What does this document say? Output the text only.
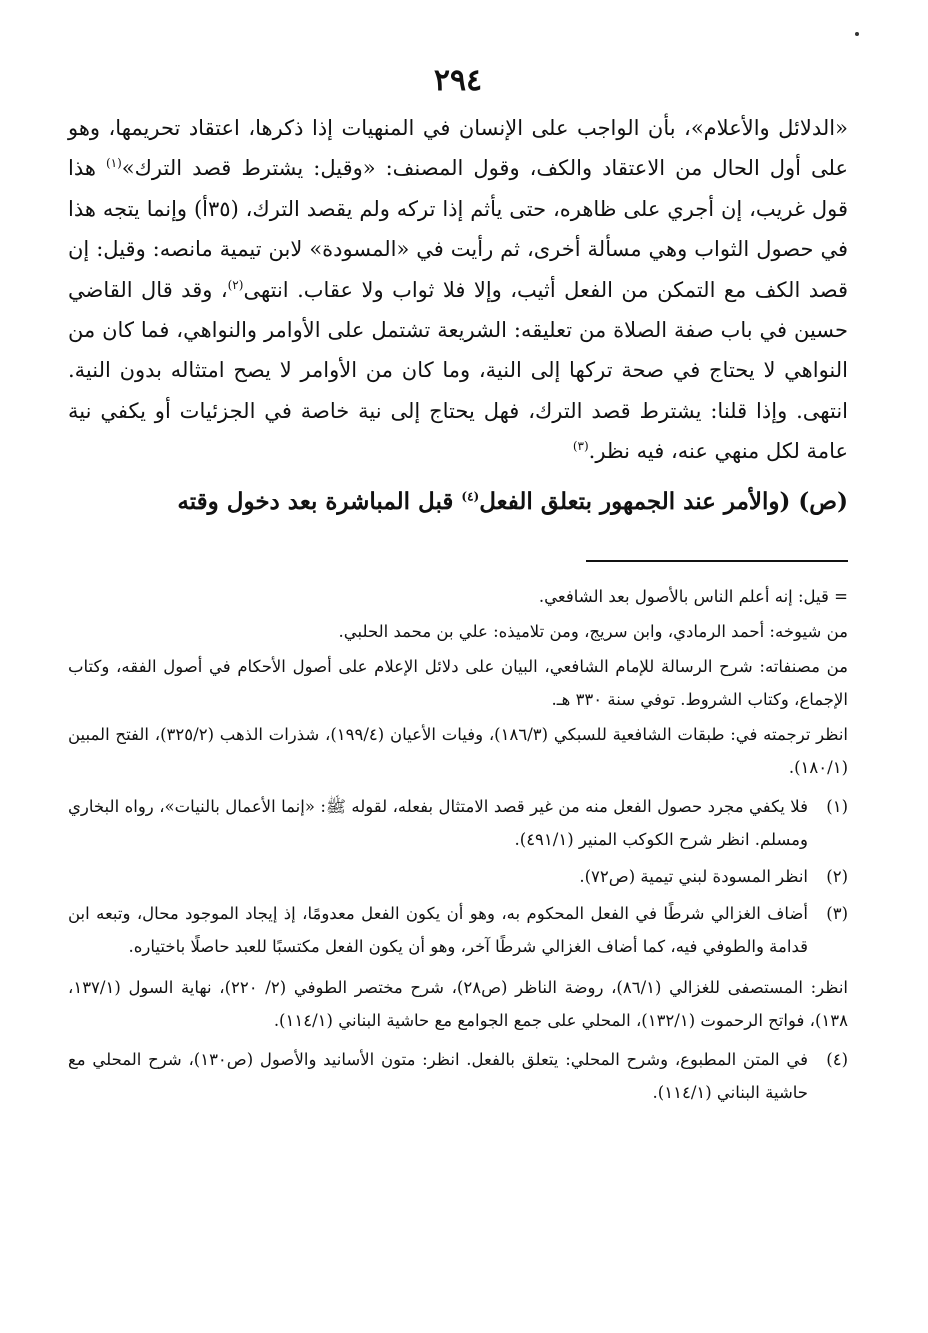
٢٩٤

«الدلائل والأعلام»، بأن الواجب على الإنسان في المنهيات إذا ذكرها، اعتقاد تحريمها، وهو على أول الحال من الاعتقاد والكف، وقول المصنف: «وقيل: يشترط قصد الترك»$^{(١)}$ هذا قول غريب، إن أجري على ظاهره، حتى يأثم إذا تركه ولم يقصد الترك، (٣٥أ) وإنما يتجه هذا في حصول الثواب وهي مسألة أخرى، ثم رأيت في «المسودة» لابن تيمية مانصه: وقيل: إن قصد الكف مع التمكن من الفعل أثيب، وإلا فلا ثواب ولا عقاب. انتهى$^{(٢)}$، وقد قال القاضي حسين في باب صفة الصلاة من تعليقه: الشريعة تشتمل على الأوامر والنواهي، فما كان من النواهي لا يحتاج في صحة تركها إلى النية، وما كان من الأوامر لا يصح امتثاله بدون النية. انتهى. وإذا قلنا: يشترط قصد الترك، فهل يحتاج إلى نية خاصة في الجزئيات أو يكفي نية عامة لكل منهي عنه، فيه نظر.$^{(٣)}$

(ص) (والأمر عند الجمهور بتعلق الفعل$^{(٤)}$ قبل المباشرة بعد دخول وقته

= قيل: إنه أعلم الناس بالأصول بعد الشافعي.

من شيوخه: أحمد الرمادي، وابن سريج، ومن تلاميذه: علي بن محمد الحلبي.

من مصنفاته: شرح الرسالة للإمام الشافعي، البيان على دلائل الإعلام على أصول الأحكام في أصول الفقه، وكتاب الإجماع، وكتاب الشروط. توفي سنة ٣٣٠ هـ.

انظر ترجمته في: طبقات الشافعية للسبكي (١٨٦/٣)، وفيات الأعيان (١٩٩/٤)، شذرات الذهب (٣٢٥/٢)، الفتح المبين (١٨٠/١).

(١)
فلا يكفي مجرد حصول الفعل منه من غير قصد الامتثال بفعله، لقوله ﷺ: «إنما الأعمال بالنيات»، رواه البخاري ومسلم. انظر شرح الكوكب المنير (٤٩١/١).
(٢)
انظر المسودة لبني تيمية (ص٧٢).
(٣)

أضاف الغزالي شرطًا في الفعل المحكوم به، وهو أن يكون الفعل معدومًا، إذ إيجاد الموجود محال، وتبعه ابن قدامة والطوفي فيه، كما أضاف الغزالي شرطًا آخر، وهو أن يكون الفعل مكتسبًا للعبد حاصلًا باختياره.

انظر: المستصفى للغزالي (٨٦/١)، روضة الناظر (ص٢٨)، شرح مختصر الطوفي (٢/ ٢٢٠)، نهاية السول (١٣٧/١، ١٣٨)، فواتح الرحموت (١٣٢/١)، المحلي على جمع الجوامع مع حاشية البناني (١١٤/١).

(٤)
في المتن المطبوع، وشرح المحلي: يتعلق بالفعل. انظر: متون الأسانيد والأصول (ص١٣٠)، شرح المحلي مع حاشية البناني (١١٤/١).
